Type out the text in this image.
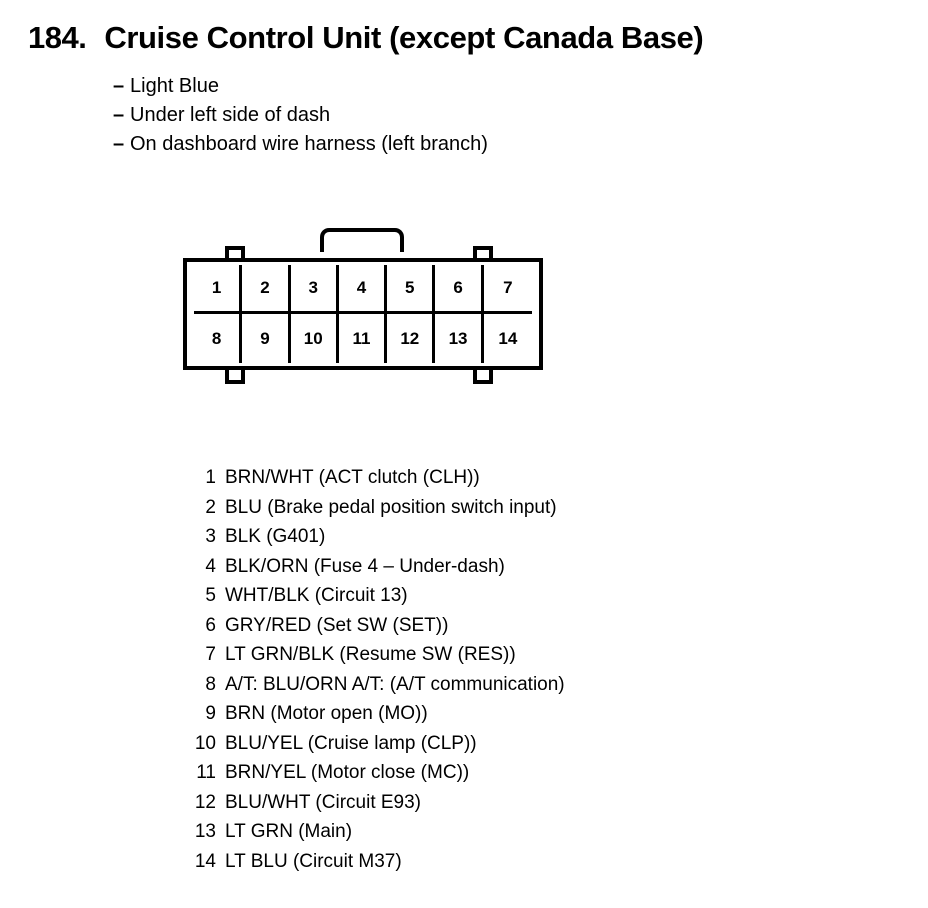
184. Cruise Control Unit (except Canada Base)
– Light Blue
– Under left side of dash
– On dashboard wire harness (left branch)
1	2	3	4	5	6	7
8	9	10	11	12	13	14
1 BRN/WHT (ACT clutch (CLH))
2 BLU (Brake pedal position switch input)
3 BLK (G401)
4 BLK/ORN (Fuse 4 – Under-dash)
5 WHT/BLK (Circuit 13)
6 GRY/RED (Set SW (SET))
7 LT GRN/BLK (Resume SW (RES))
8 A/T: BLU/ORN A/T: (A/T communication)
9 BRN (Motor open (MO))
10 BLU/YEL (Cruise lamp (CLP))
11 BRN/YEL (Motor close (MC))
12 BLU/WHT (Circuit E93)
13 LT GRN (Main)
14 LT BLU (Circuit M37)
